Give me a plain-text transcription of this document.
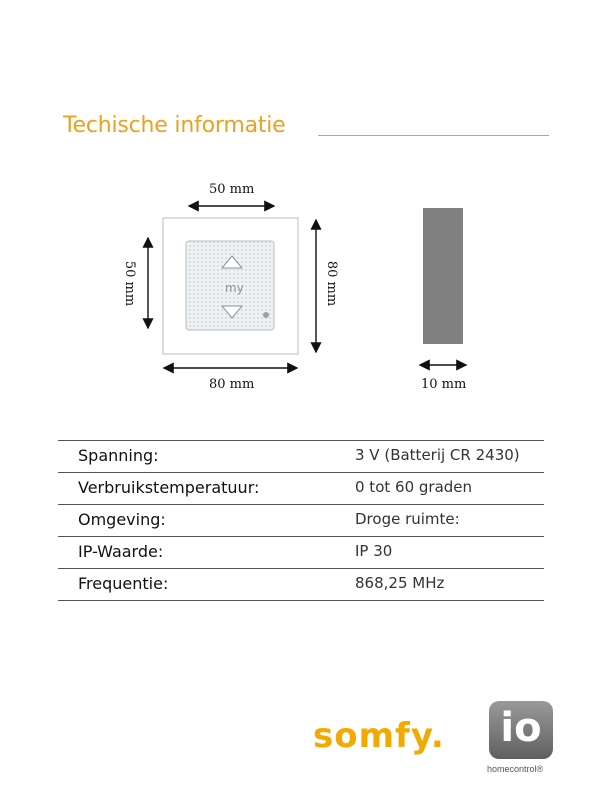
Techische informatie
my
50 mm
50 mm	80 mm
80 mm	10 mm
Spanning:	3 V (Batterij CR 2430)
Verbruikstemperatuur:	0 tot 60 graden
Omgeving:	Droge ruimte:
IP-Waarde:	IP 30
Frequentie:	868,25 MHz
somfy. io
homecontrol®
